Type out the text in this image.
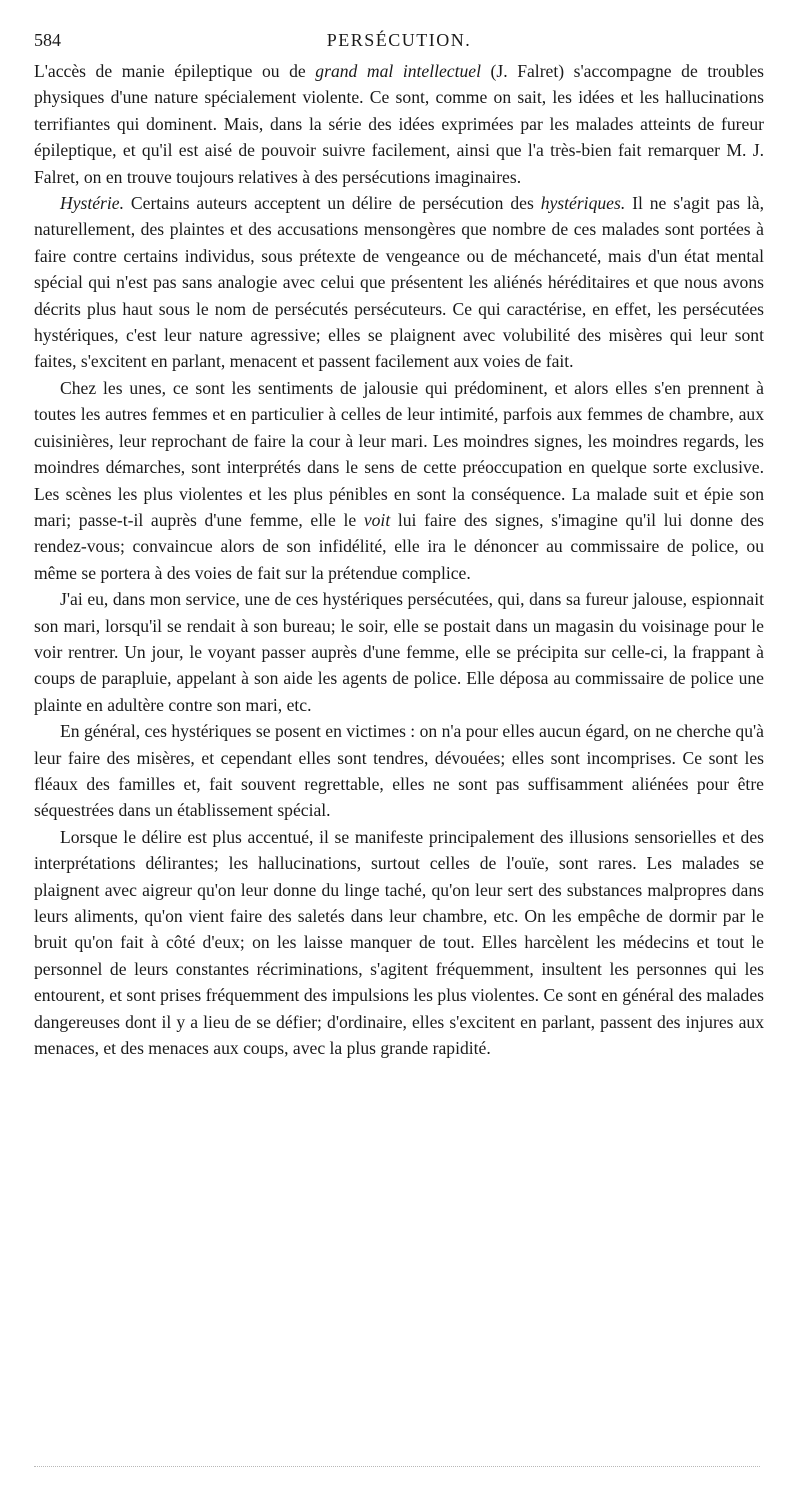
584	PERSÉCUTION.

L'accès de manie épileptique ou de grand mal intellectuel (J. Falret) s'accompagne de troubles physiques d'une nature spécialement violente. Ce sont, comme on sait, les idées et les hallucinations terrifiantes qui dominent. Mais, dans la série des idées exprimées par les malades atteints de fureur épileptique, et qu'il est aisé de pouvoir suivre facilement, ainsi que l'a très-bien fait remarquer M. J. Falret, on en trouve toujours relatives à des persécutions imaginaires.

Hystérie. Certains auteurs acceptent un délire de persécution des hystériques. Il ne s'agit pas là, naturellement, des plaintes et des accusations mensongères que nombre de ces malades sont portées à faire contre certains individus, sous prétexte de vengeance ou de méchanceté, mais d'un état mental spécial qui n'est pas sans analogie avec celui que présentent les aliénés héréditaires et que nous avons décrits plus haut sous le nom de persécutés persécuteurs. Ce qui caractérise, en effet, les persécutées hystériques, c'est leur nature agressive; elles se plaignent avec volubilité des misères qui leur sont faites, s'excitent en parlant, menacent et passent facilement aux voies de fait.

Chez les unes, ce sont les sentiments de jalousie qui prédominent, et alors elles s'en prennent à toutes les autres femmes et en particulier à celles de leur intimité, parfois aux femmes de chambre, aux cuisinières, leur reprochant de faire la cour à leur mari. Les moindres signes, les moindres regards, les moindres démarches, sont interprétés dans le sens de cette préoccupation en quelque sorte exclusive. Les scènes les plus violentes et les plus pénibles en sont la conséquence. La malade suit et épie son mari; passe-t-il auprès d'une femme, elle le voit lui faire des signes, s'imagine qu'il lui donne des rendez-vous; convaincue alors de son infidélité, elle ira le dénoncer au commissaire de police, ou même se portera à des voies de fait sur la prétendue complice.

J'ai eu, dans mon service, une de ces hystériques persécutées, qui, dans sa fureur jalouse, espionnait son mari, lorsqu'il se rendait à son bureau; le soir, elle se postait dans un magasin du voisinage pour le voir rentrer. Un jour, le voyant passer auprès d'une femme, elle se précipita sur celle-ci, la frappant à coups de parapluie, appelant à son aide les agents de police. Elle déposa au commissaire de police une plainte en adultère contre son mari, etc.

En général, ces hystériques se posent en victimes : on n'a pour elles aucun égard, on ne cherche qu'à leur faire des misères, et cependant elles sont tendres, dévouées; elles sont incomprises. Ce sont les fléaux des familles et, fait souvent regrettable, elles ne sont pas suffisamment aliénées pour être séquestrées dans un établissement spécial.

Lorsque le délire est plus accentué, il se manifeste principalement des illusions sensorielles et des interprétations délirantes; les hallucinations, surtout celles de l'ouïe, sont rares. Les malades se plaignent avec aigreur qu'on leur donne du linge taché, qu'on leur sert des substances malpropres dans leurs aliments, qu'on vient faire des saletés dans leur chambre, etc. On les empêche de dormir par le bruit qu'on fait à côté d'eux; on les laisse manquer de tout. Elles harcèlent les médecins et tout le personnel de leurs constantes récriminations, s'agitent fréquemment, insultent les personnes qui les entourent, et sont prises fréquemment des impulsions les plus violentes. Ce sont en général des malades dangereuses dont il y a lieu de se défier; d'ordinaire, elles s'excitent en parlant, passent des injures aux menaces, et des menaces aux coups, avec la plus grande rapidité.
